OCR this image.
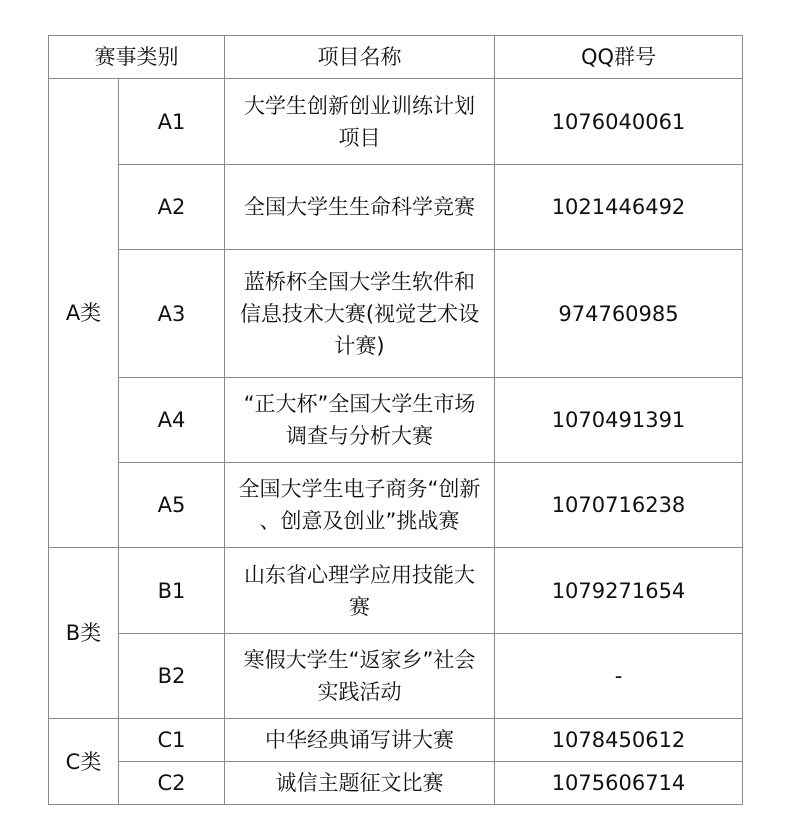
赛事类别		项目名称	QQ群号
A类	A1	大学生创新创业训练计划项目	1076040061
	A2	全国大学生生命科学竞赛	1021446492
	A3	蓝桥杯全国大学生软件和信息技术大赛(视觉艺术设计赛)	974760985
	A4	“正大杯”全国大学生市场调查与分析大赛	1070491391
	A5	全国大学生电子商务“创新 、创意及创业”挑战赛	1070716238
B类	B1	山东省心理学应用技能大赛	1079271654
	B2	寒假大学生“返家乡”社会实践活动	-
C类	C1	中华经典诵写讲大赛	1078450612
	C2	诚信主题征文比赛	1075606714
